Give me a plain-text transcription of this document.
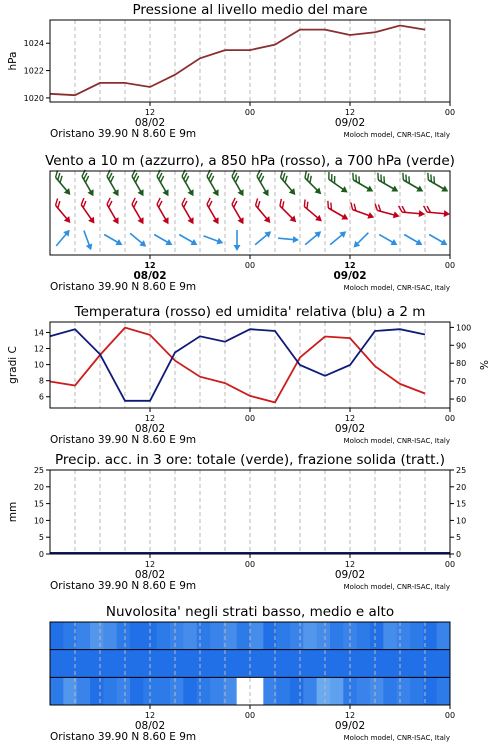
Pressione al livello medio del mare
1020
1022
1024
hPa
12	00	12	00
08/02	09/02
Oristano 39.90 N 8.60 E 9m	Moloch model, CNR-ISAC, Italy
Vento a 10 m (azzurro), a 850 hPa (rosso), a 700 hPa (verde)
12	00	12	00
08/02	09/02
Oristano 39.90 N 8.60 E 9m	Moloch model, CNR-ISAC, Italy
Temperatura (rosso) ed umidita' relativa (blu) a 2 m
6
8
10
12
14
60
70
80
90
100
gradi C	%
12	00	12	00
08/02	09/02
Oristano 39.90 N 8.60 E 9m	Moloch model, CNR-ISAC, Italy
Precip. acc. in 3 ore: totale (verde), frazione solida (tratt.)
0
5
10
15
20
25
0
5
10
15
20
25
mm
12	00	12	00
08/02	09/02
Oristano 39.90 N 8.60 E 9m	Moloch model, CNR-ISAC, Italy
Nuvolosita' negli strati basso, medio e alto
12	00	12	00
08/02	09/02
Oristano 39.90 N 8.60 E 9m	Moloch model, CNR-ISAC, Italy
